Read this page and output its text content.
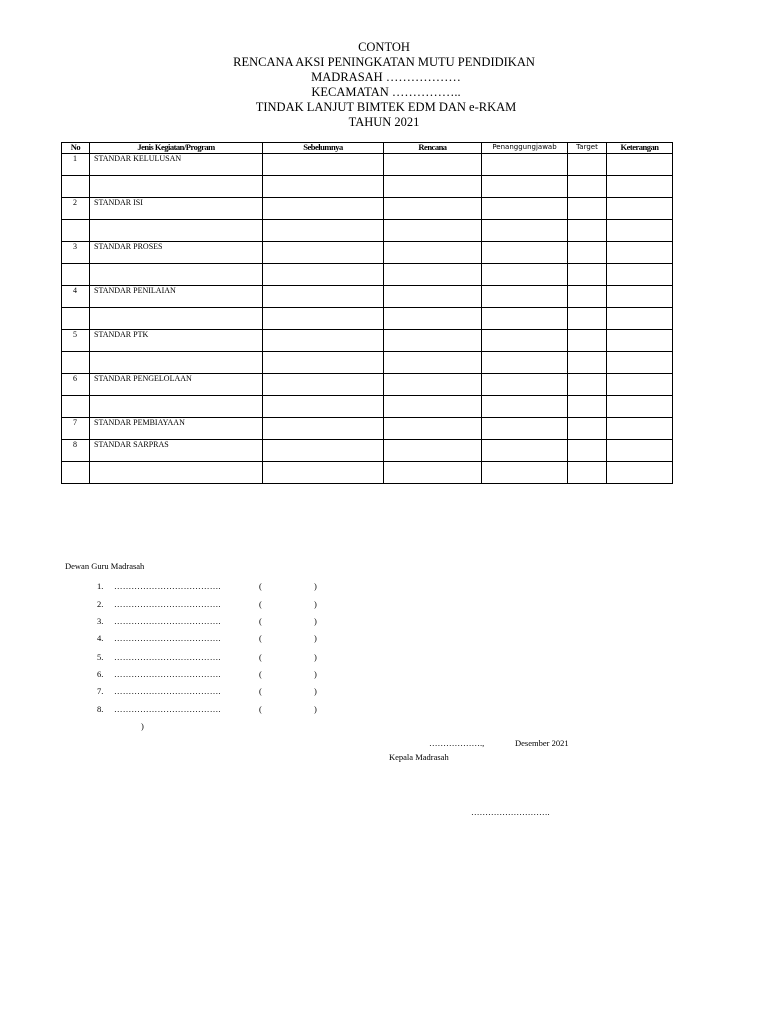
CONTOH
RENCANA AKSI PENINGKATAN MUTU PENDIDIKAN
MADRASAH ………………
KECAMATAN ……………..
TINDAK LANJUT BIMTEK EDM DAN e-RKAM
TAHUN 2021
No	Jenis Kegiatan/Program	Sebelumnya	Rencana	Penanggungjawab	Target	Keterangan
1	STANDAR KELULUSAN					

2	STANDAR ISI					

3	STANDAR PROSES					

4	STANDAR PENILAIAN					

5	STANDAR PTK					

6	STANDAR PENGELOLAAN					

7	STANDAR PEMBIAYAAN					
8	STANDAR SARPRAS					

Dewan Guru Madrasah
1. ……………………………….	(	)
2. ……………………………….	(	)
3. ……………………………….	(	)
4. ……………………………….	(	)
5. ……………………………….	(	)
6. ……………………………….	(	)
7. ……………………………….	(	)
8. ……………………………….	(	)
)
……………….,	Desember 2021
Kepala Madrasah
……………………….
